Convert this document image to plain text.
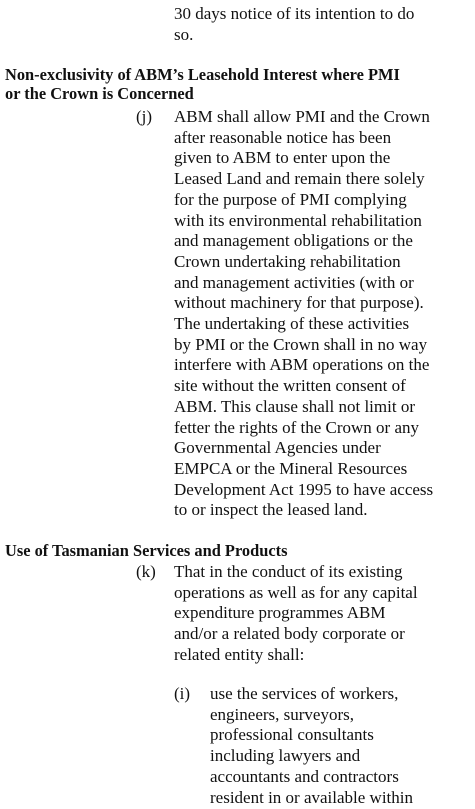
30 days notice of its intention to do
so.

Non-exclusivity of ABM’s Leasehold Interest where PMI
or the Crown is Concerned
(j) ABM shall allow PMI and the Crown
after reasonable notice has been
given to ABM to enter upon the
Leased Land and remain there solely
for the purpose of PMI complying
with its environmental rehabilitation
and management obligations or the
Crown undertaking rehabilitation
and management activities (with or
without machinery for that purpose).
The undertaking of these activities
by PMI or the Crown shall in no way
interfere with ABM operations on the
site without the written consent of
ABM. This clause shall not limit or
fetter the rights of the Crown or any
Governmental Agencies under
EMPCA or the Mineral Resources
Development Act 1995 to have access
to or inspect the leased land.

Use of Tasmanian Services and Products
(k) That in the conduct of its existing
operations as well as for any capital
expenditure programmes ABM
and/or a related body corporate or
related entity shall:

(i) use the services of workers,
engineers, surveyors,
professional consultants
including lawyers and
accountants and contractors
resident in or available within
